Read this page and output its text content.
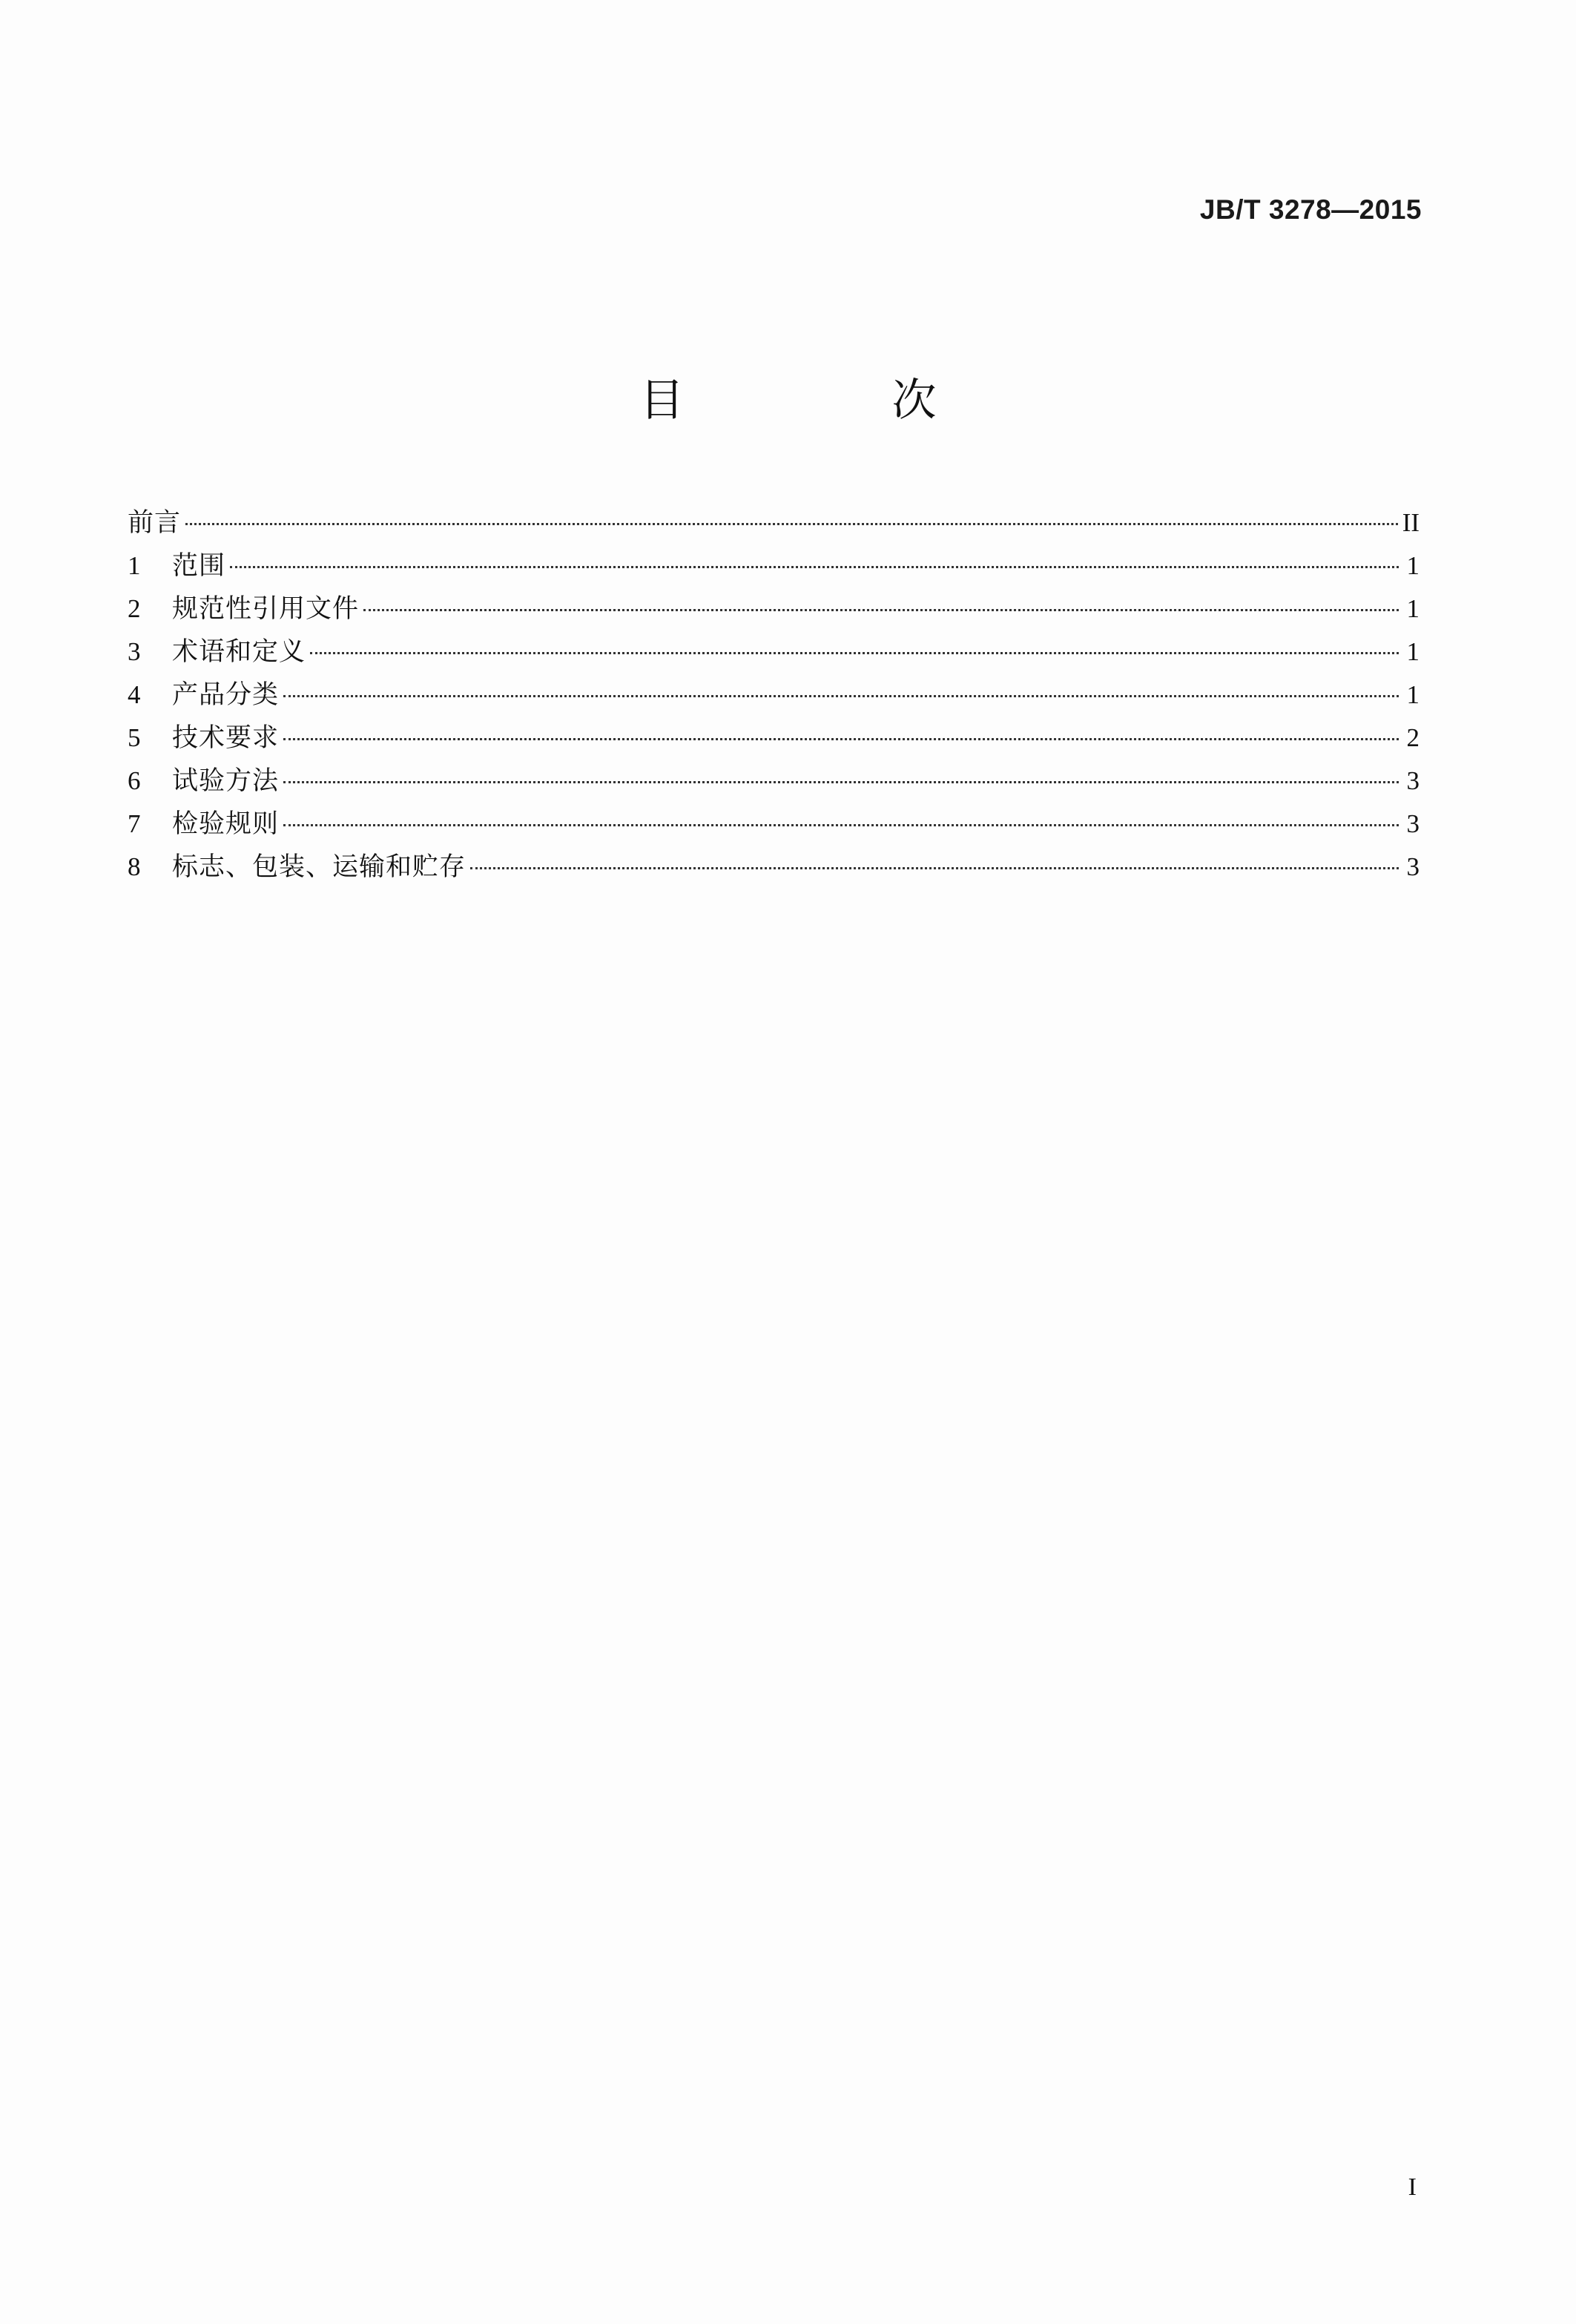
JB/T 3278—2015
目　次
前言	II
1	范围	1
2	规范性引用文件	1
3	术语和定义	1
4	产品分类	1
5	技术要求	2
6	试验方法	3
7	检验规则	3
8	标志、包装、运输和贮存	3
I
